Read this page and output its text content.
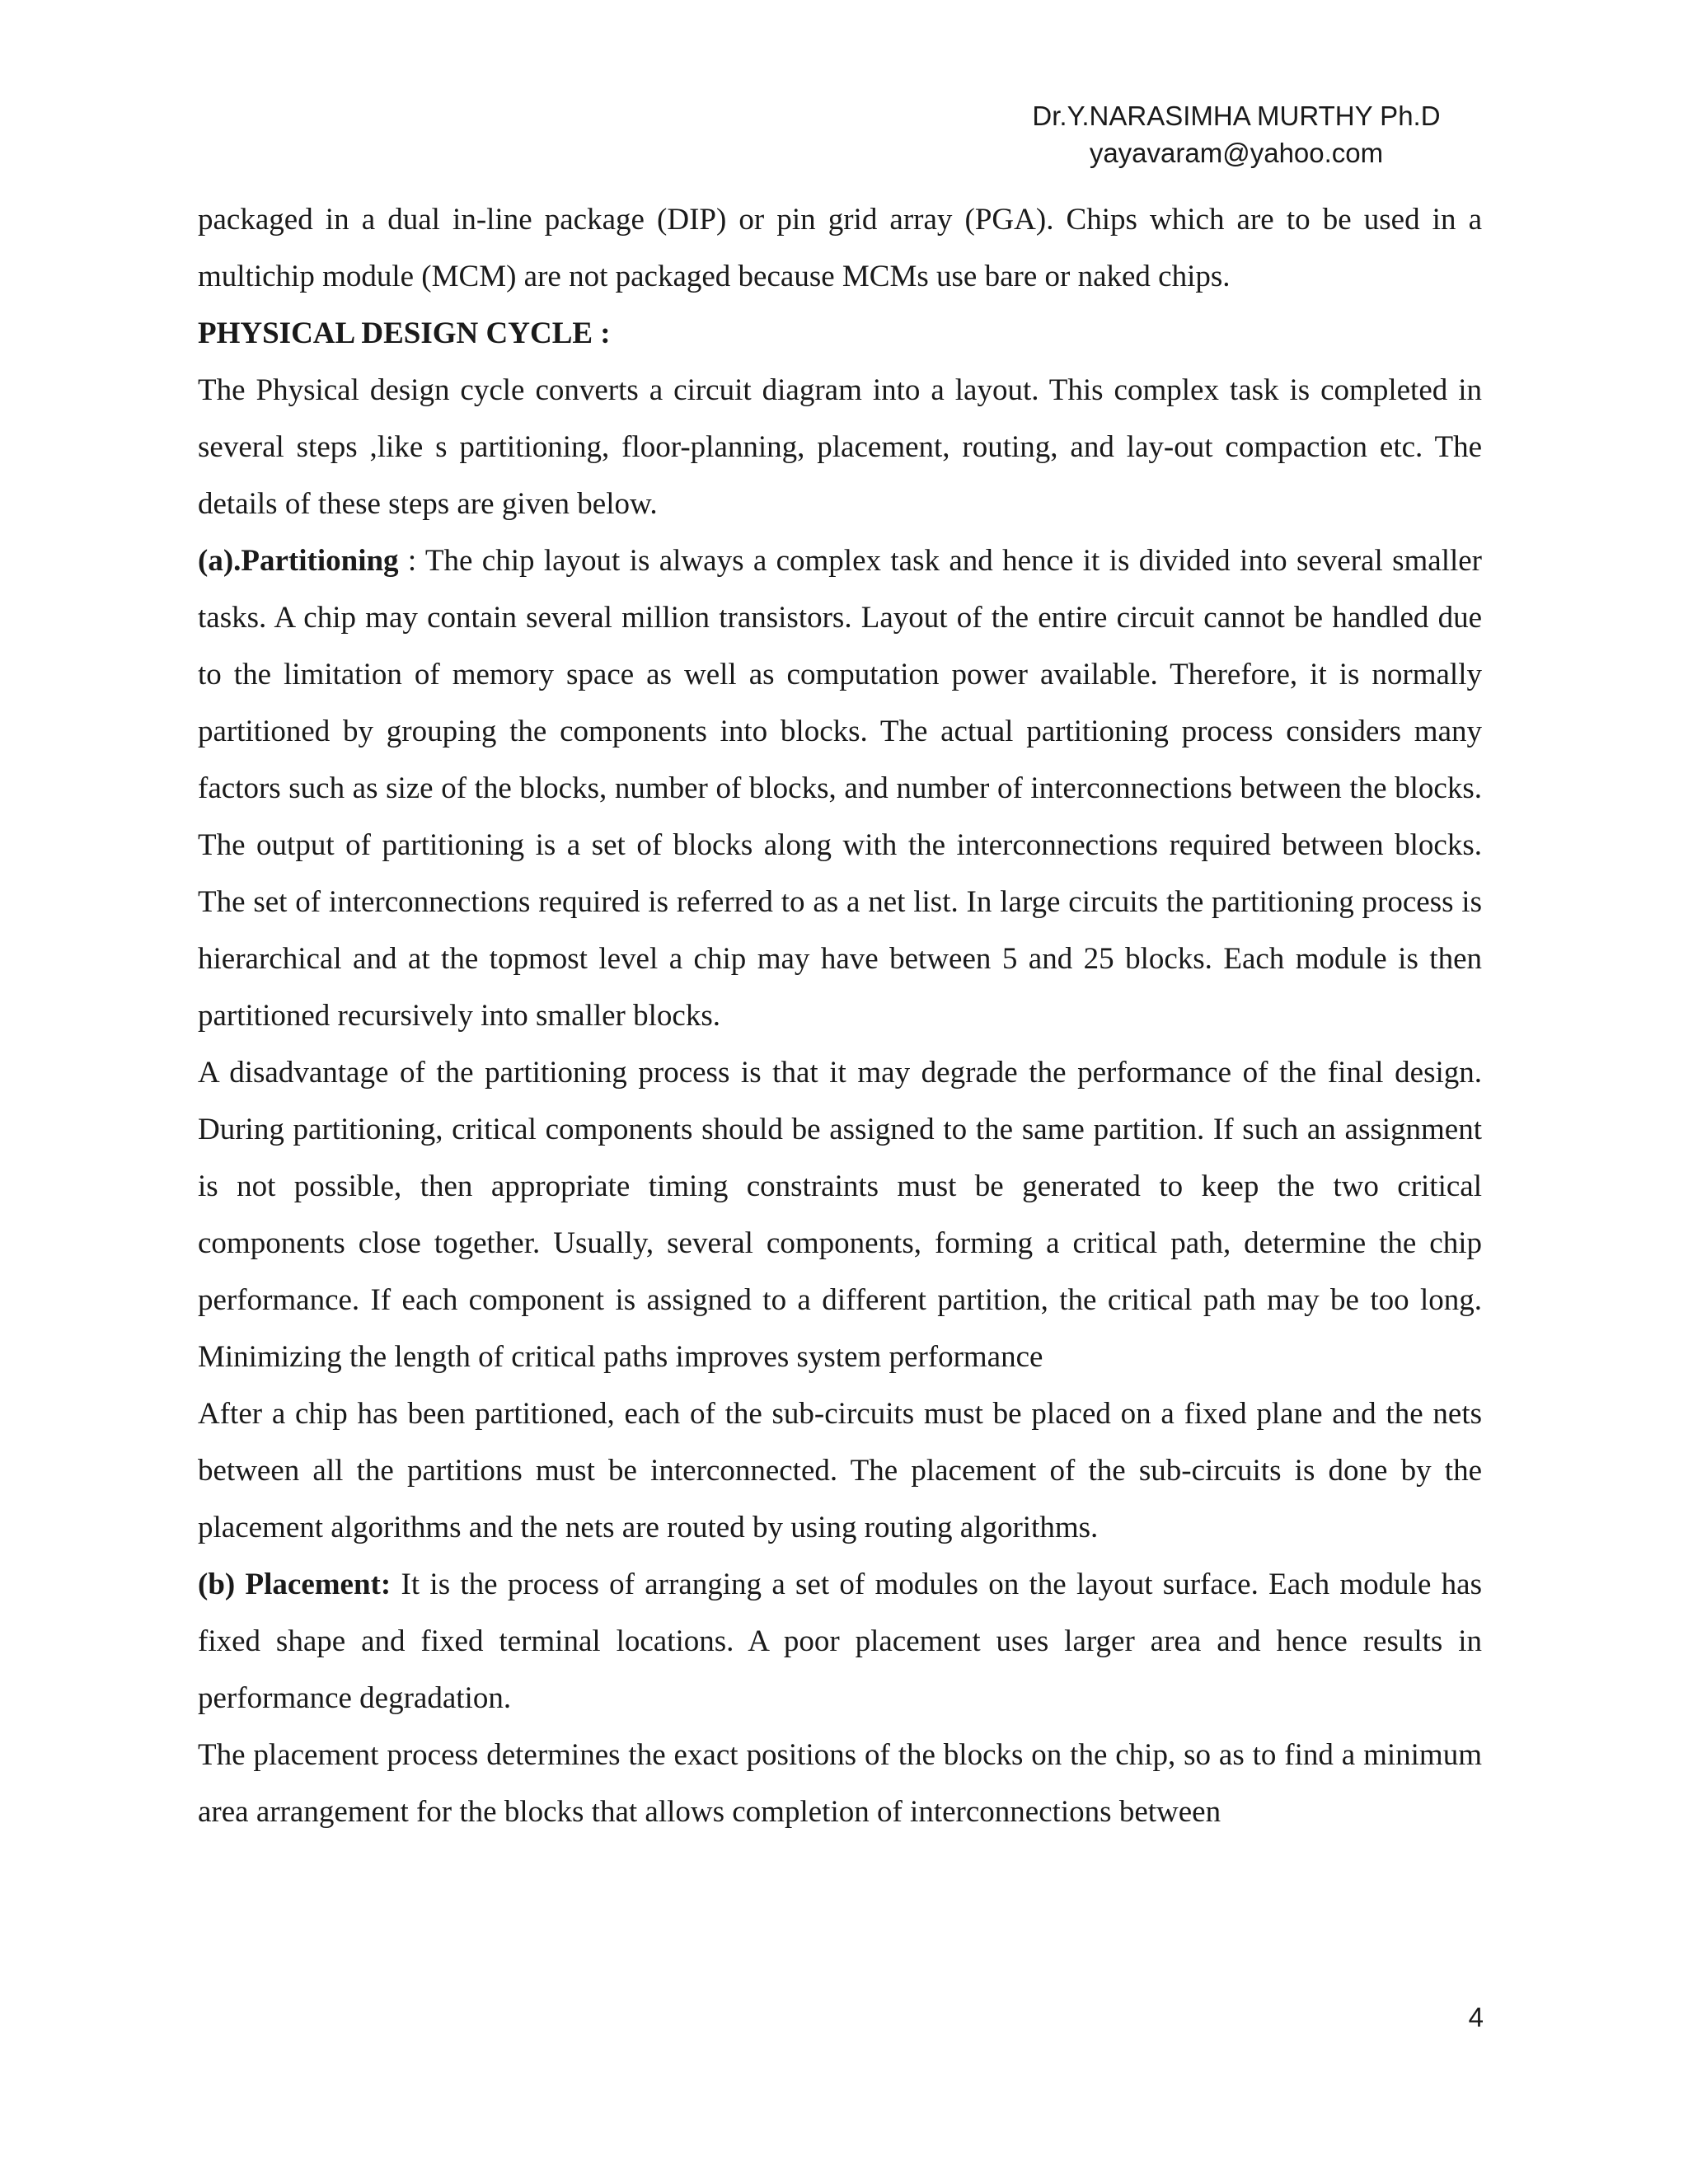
Dr.Y.NARASIMHA MURTHY Ph.D
yayavaram@yahoo.com

packaged in a dual in-line package (DIP) or pin grid array (PGA). Chips which are to be used in a multichip module (MCM) are not packaged because MCMs use bare or naked chips.

PHYSICAL DESIGN CYCLE :

The Physical design cycle converts a circuit diagram into a layout. This complex task is completed in several steps ,like s partitioning, floor-planning, placement, routing, and lay-out compaction etc. The details of these steps are given below.

(a).Partitioning : The chip layout is always a complex task and hence it is divided into several smaller tasks. A chip may contain several million transistors. Layout of the entire circuit cannot be handled due to the limitation of memory space as well as computation power available. Therefore, it is normally partitioned by grouping the components into blocks. The actual partitioning process considers many factors such as size of the blocks, number of blocks, and number of interconnections between the blocks. The output of partitioning is a set of blocks along with the interconnections required between blocks. The set of interconnections required is referred to as a net list. In large circuits the partitioning process is hierarchical and at the topmost level a chip may have between 5 and 25 blocks. Each module is then partitioned recursively into smaller blocks.

A disadvantage of the partitioning process is that it may degrade the performance of the final design. During partitioning, critical components should be assigned to the same partition. If such an assignment is not possible, then appropriate timing constraints must be generated to keep the two critical components close together. Usually, several components, forming a critical path, determine the chip performance. If each component is assigned to a different partition, the critical path may be too long. Minimizing the length of critical paths improves system performance

After a chip has been partitioned, each of the sub-circuits must be placed on a fixed plane and the nets between all the partitions must be interconnected. The placement of the sub-circuits is done by the placement algorithms and the nets are routed by using routing algorithms.

(b) Placement: It is the process of arranging a set of modules on the layout surface. Each module has fixed shape and fixed terminal locations. A poor placement uses larger area and hence results in performance degradation.

The placement process determines the exact positions of the blocks on the chip, so as to find a minimum area arrangement for the blocks that allows completion of interconnections between

4
